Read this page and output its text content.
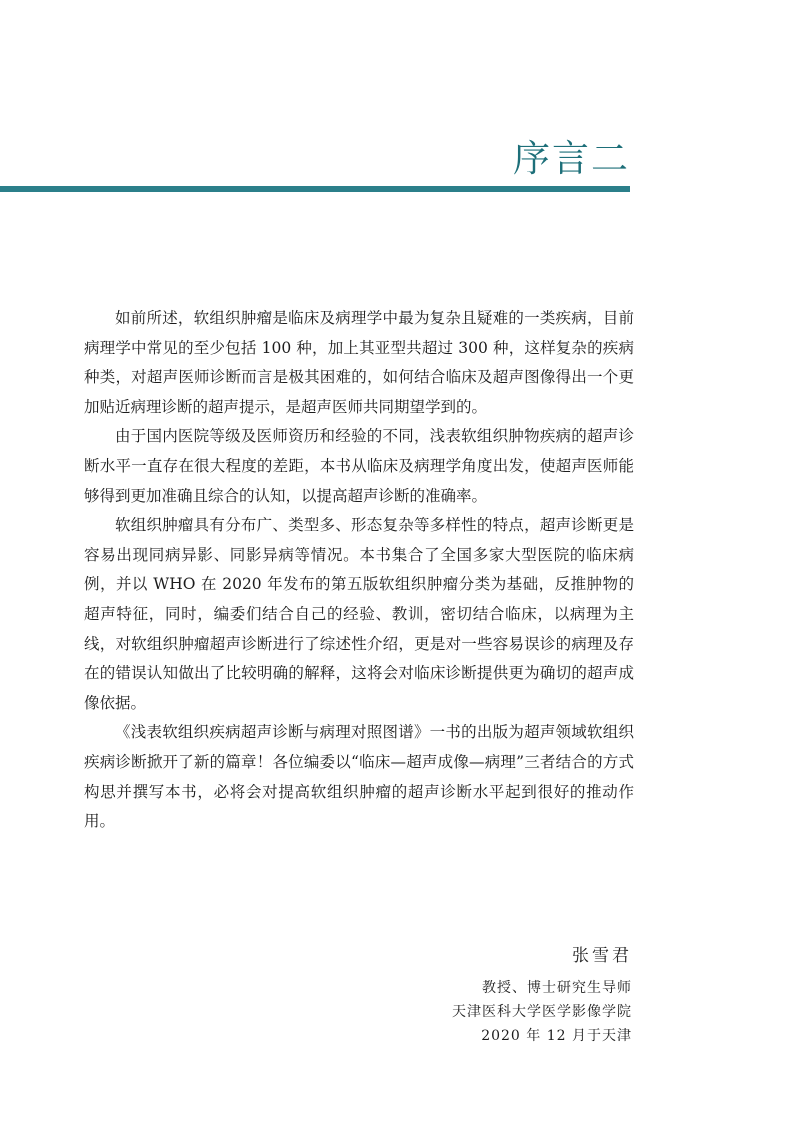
序言二

如前所述，软组织肿瘤是临床及病理学中最为复杂且疑难的一类疾病，目前病理学中常见的至少包括 100 种，加上其亚型共超过 300 种，这样复杂的疾病种类，对超声医师诊断而言是极其困难的，如何结合临床及超声图像得出一个更加贴近病理诊断的超声提示，是超声医师共同期望学到的。

由于国内医院等级及医师资历和经验的不同，浅表软组织肿物疾病的超声诊断水平一直存在很大程度的差距，本书从临床及病理学角度出发，使超声医师能够得到更加准确且综合的认知，以提高超声诊断的准确率。

软组织肿瘤具有分布广、类型多、形态复杂等多样性的特点，超声诊断更是容易出现同病异影、同影异病等情况。本书集合了全国多家大型医院的临床病例，并以 WHO 在 2020 年发布的第五版软组织肿瘤分类为基础，反推肿物的超声特征，同时，编委们结合自己的经验、教训，密切结合临床，以病理为主线，对软组织肿瘤超声诊断进行了综述性介绍，更是对一些容易误诊的病理及存在的错误认知做出了比较明确的解释，这将会对临床诊断提供更为确切的超声成像依据。

《浅表软组织疾病超声诊断与病理对照图谱》一书的出版为超声领域软组织疾病诊断掀开了新的篇章！各位编委以“临床—超声成像—病理”三者结合的方式构思并撰写本书，必将会对提高软组织肿瘤的超声诊断水平起到很好的推动作用。

张雪君
教授、博士研究生导师
天津医科大学医学影像学院
2020 年 12 月于天津
